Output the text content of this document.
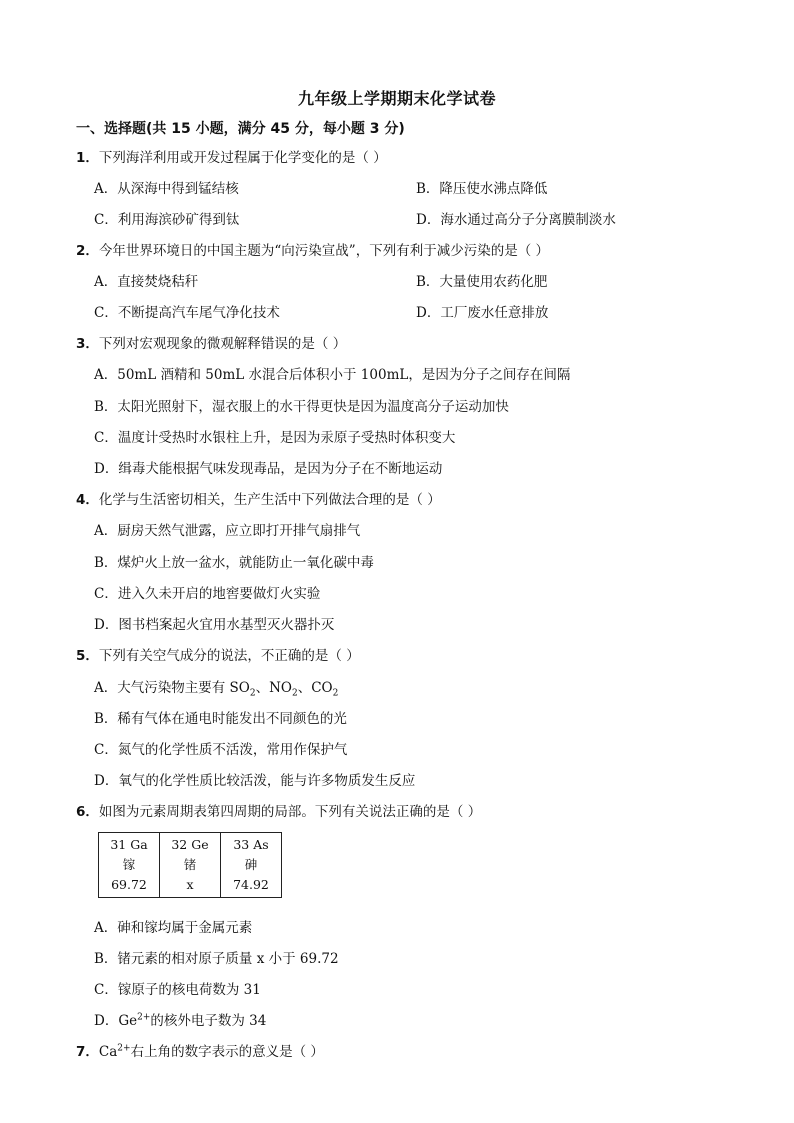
九年级上学期期末化学试卷
一、选择题(共 15 小题，满分 45 分，每小题 3 分)
1．下列海洋利用或开发过程属于化学变化的是（ ）
A．从深海中得到锰结核	B．降压使水沸点降低
C．利用海滨砂矿得到钛	D．海水通过高分子分离膜制淡水
2．今年世界环境日的中国主题为“向污染宣战”，下列有利于减少污染的是（ ）
A．直接焚烧秸秆	B．大量使用农药化肥
C．不断提高汽车尾气净化技术	D．工厂废水任意排放
3．下列对宏观现象的微观解释错误的是（ ）
A．50mL 酒精和 50mL 水混合后体积小于 100mL，是因为分子之间存在间隔
B．太阳光照射下，湿衣服上的水干得更快是因为温度高分子运动加快
C．温度计受热时水银柱上升，是因为汞原子受热时体积变大
D．缉毒犬能根据气味发现毒品，是因为分子在不断地运动
4．化学与生活密切相关，生产生活中下列做法合理的是（ ）
A．厨房天然气泄露，应立即打开排气扇排气
B．煤炉火上放一盆水，就能防止一氧化碳中毒
C．进入久未开启的地窖要做灯火实验
D．图书档案起火宜用水基型灭火器扑灭
5．下列有关空气成分的说法，不正确的是（ ）
A．大气污染物主要有 $SO_2$、$NO_2$、$CO_2$
B．稀有气体在通电时能发出不同颜色的光
C．氮气的化学性质不活泼，常用作保护气
D．氧气的化学性质比较活泼，能与许多物质发生反应
6．如图为元素周期表第四周期的局部。下列有关说法正确的是（ ）
31 Ga
镓
69.72

32 Ge
锗
x

33 As
砷
74.92
A．砷和镓均属于金属元素
B．锗元素的相对原子质量 x 小于 69.72
C．镓原子的核电荷数为 31
D．$Ge^{2+}$的核外电子数为 34
7．$Ca^{2+}$右上角的数字表示的意义是（ ）
